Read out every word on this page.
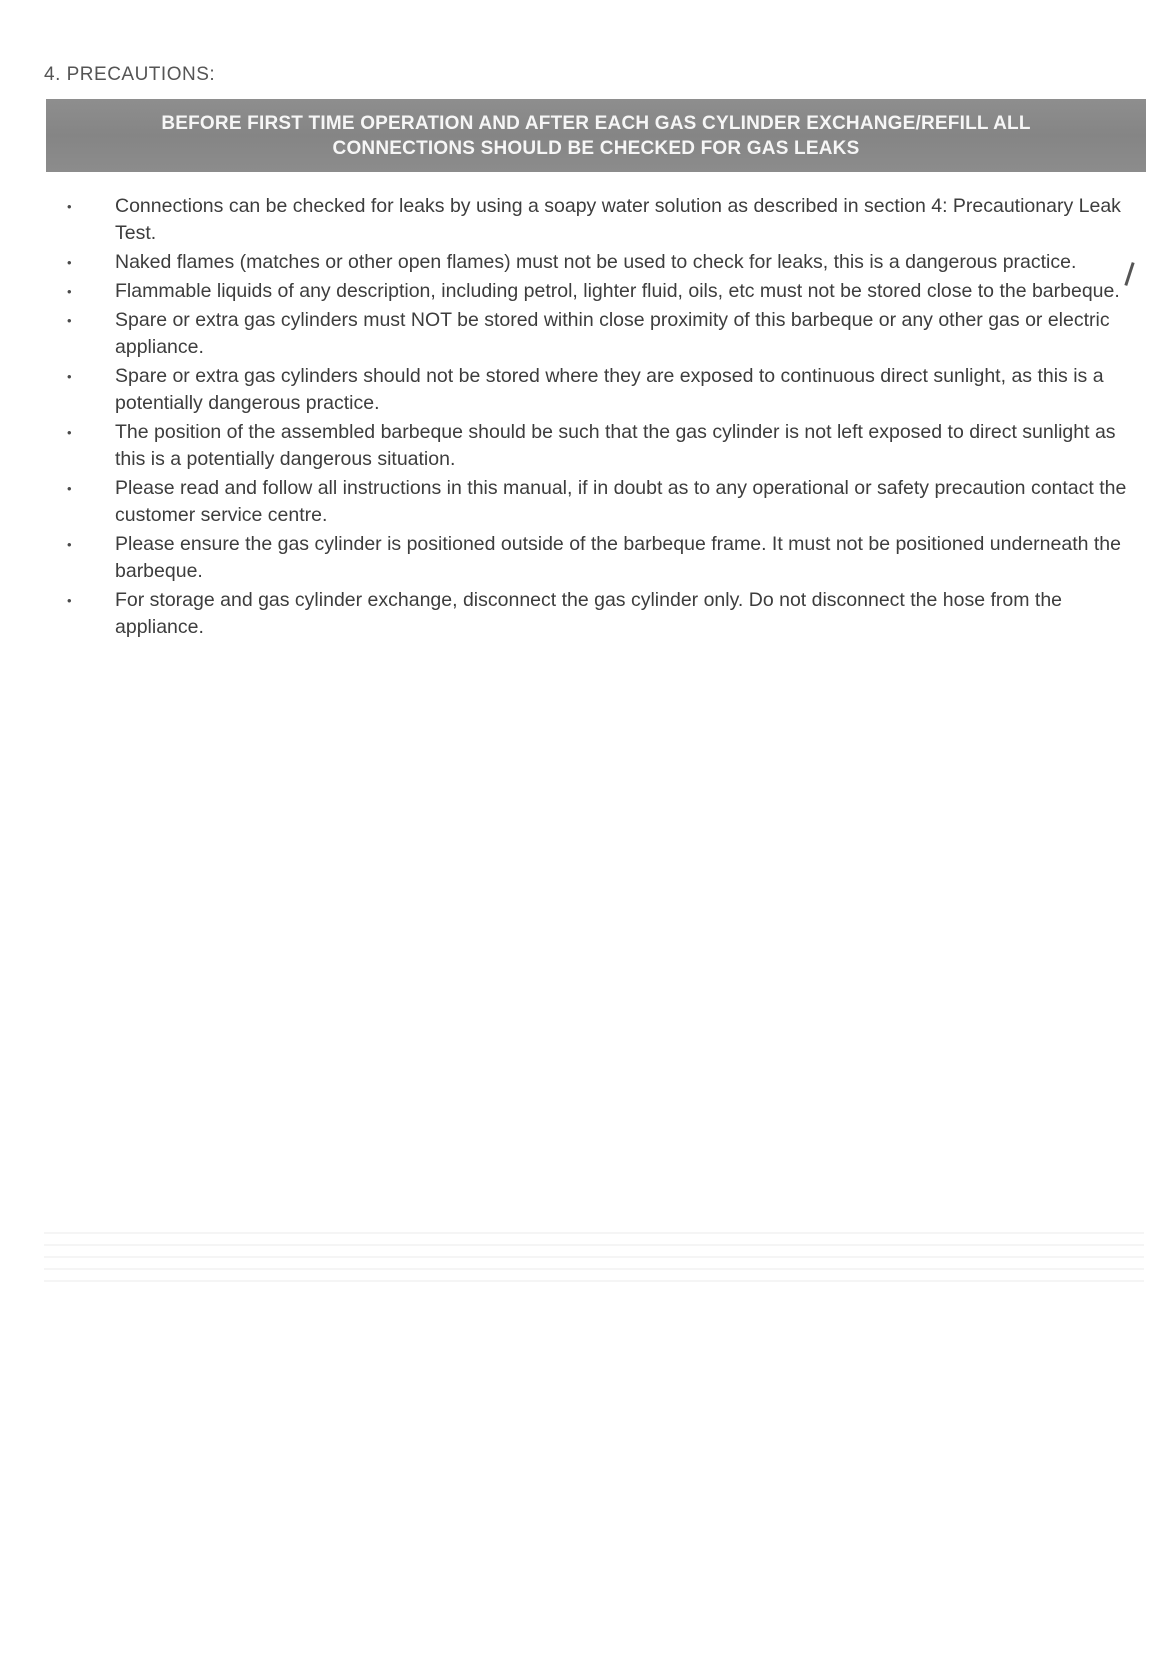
4. PRECAUTIONS:
BEFORE FIRST TIME OPERATION AND AFTER EACH GAS CYLINDER EXCHANGE/REFILL ALL
CONNECTIONS SHOULD BE CHECKED FOR GAS LEAKS
• Connections can be checked for leaks by using a soapy water solution as described in section 4: Precautionary Leak Test.
• Naked flames (matches or other open flames) must not be used to check for leaks, this is a dangerous practice.
• Flammable liquids of any description, including petrol, lighter fluid, oils, etc must not be stored close to the barbeque.
• Spare or extra gas cylinders must NOT be stored within close proximity of this barbeque or any other gas or electric appliance.
• Spare or extra gas cylinders should not be stored where they are exposed to continuous direct sunlight, as this is a potentially dangerous practice.
• The position of the assembled barbeque should be such that the gas cylinder is not left exposed to direct sunlight as this is a potentially dangerous situation.
• Please read and follow all instructions in this manual, if in doubt as to any operational or safety precaution contact the customer service centre.
• Please ensure the gas cylinder is positioned outside of the barbeque frame. It must not be positioned underneath the barbeque.
• For storage and gas cylinder exchange, disconnect the gas cylinder only. Do not disconnect the hose from the appliance.
